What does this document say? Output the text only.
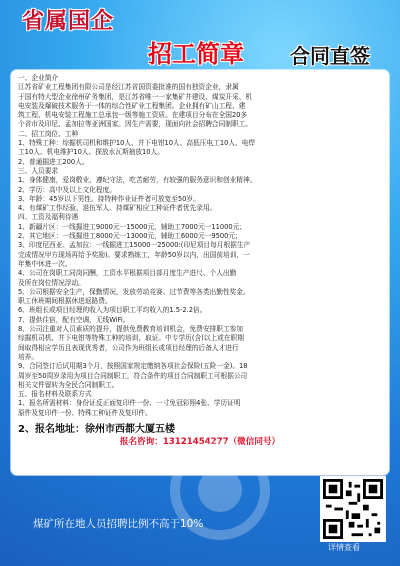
省属国企
招工简章 合同直签

一、企业简介

江苏省矿业工程集团有限公司是经江苏省国资委批准的国有独资企业，隶属

于国有特大型企业徐州矿务集团，是江苏省唯一一家集矿井建设、煤炭开采、机

电安装及爆破技术服务于一体的综合性矿业工程集团。企业拥有矿山工程、建

筑工程、机电安装工程施工总承包一级等施工资质。在建项目分布在全国20多

个省市及印尼、孟加拉等亚洲国家。因生产需要，现面向社会招聘合同制职工。

二、招工岗位、工种

1、特殊工种：综掘机司机和维护10人、井下电钳10人、高低压电工10人、电焊

工10人、机电维护10人、探放水瓦斯抽放10人。

2、普通掘进工200人。

三、人员要求

1、身体健康，爱岗敬业，遵纪守法，吃苦耐劳，有较强的服务意识和创业精神。

2、学历：高中及以上文化程度。

3、年龄：45岁以下男性。持特种作业证件者可放宽至50岁。

4、有煤矿工作经验、退伍军人、持煤矿相应工种证件者优先录用。

四、工资及福利待遇

1、新疆片区：一线掘进工9000元一15000元，辅助工7000元一11000元；

2、其它地区：一线掘进工8000元一13000元，辅助工6000元一9500元；

3、印度尼西亚、孟加拉：一线掘进工15000一25000:(印尼项目每月根据生产

完成情况甲方现场再给予奖励)。要求熟练工，年龄50岁以内，出国前培训，一

年集中休进一次。

4、公司在岗职工同岗同酬，工资水平根据项目部月度生产进尺、个人出勤

及所在岗位情况浮动。

5、公司根据安全生产，保勤情况，发放劳动竞赛、过节费等各类出勤性奖金。

职工休班期间根据休进返路费。

6、班组长或项目经理的收入为项目职工平均收入的1.5-2.2倍。

7、提供住宿，配有空调，无线WiFi。

8、公司注重对人员素质的提升，提供免费教育培训机会，免费安排职工参加

综掘机司机、井下电钳等特殊工种的培训，取证。中专学历(含)以上或在职期

间取得相应学历且表现优秀者，公司作为班组长或项目经理的后备人才进行

培养。

9、合同签订后试用期3个月，按照国家规定缴纳各项社会保险(五险一金)。18

周岁至50周岁录用为项目合同制职工，符合条件的项目合同制职工可根据公司

相关文件留转为全民合同制职工。

五、报名材料及联系方式

1、报名所需材料：身份证反正面复印件一份、一寸免冠彩照4张、学历证明

原件及复印件一份、特殊工种证件及复印件。

2、报名地址：徐州市西都大厦五楼
报名咨询：13121454277（微信同号）
煤矿所在地人员招聘比例不高于10%
详情查看
